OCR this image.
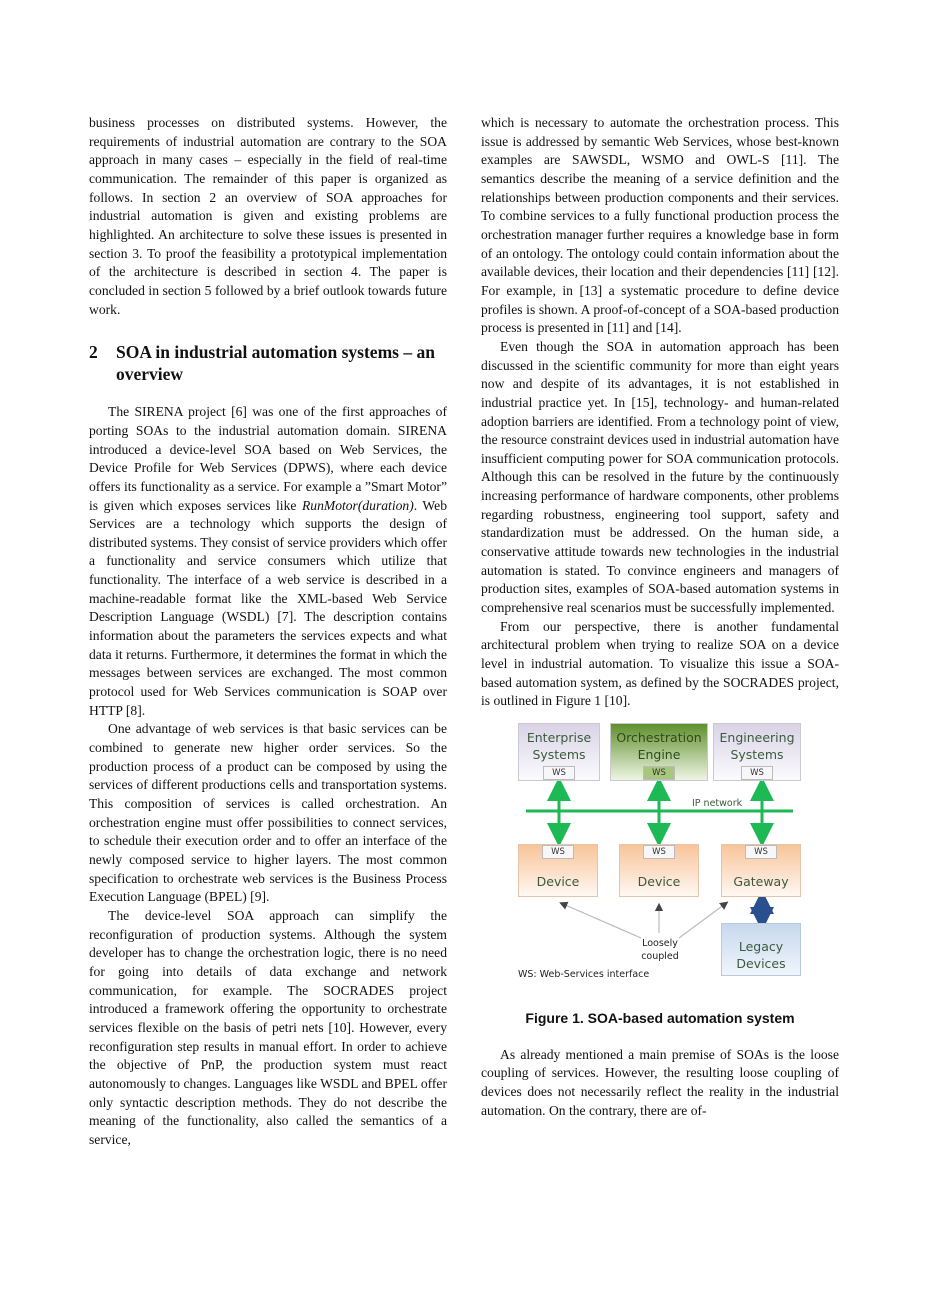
business processes on distributed systems. However, the requirements of industrial automation are contrary to the SOA approach in many cases – especially in the field of real-time communication. The remainder of this paper is organized as follows. In section 2 an overview of SOA approaches for industrial automation is given and existing problems are highlighted. An architecture to solve these issues is presented in section 3. To proof the feasibility a prototypical implementation of the architecture is described in section 4. The paper is concluded in section 5 followed by a brief outlook towards future work.

2	SOA in industrial automation systems – an overview

The SIRENA project [6] was one of the first approaches of porting SOAs to the industrial automation domain. SIRENA introduced a device-level SOA based on Web Services, the Device Profile for Web Services (DPWS), where each device offers its functionality as a service. For example a ”Smart Motor” is given which exposes services like RunMotor(duration). Web Services are a technology which supports the design of distributed systems. They consist of service providers which offer a functionality and service consumers which utilize that functionality. The interface of a web service is described in a machine-readable format like the XML-based Web Service Description Language (WSDL) [7]. The description contains information about the parameters the services expects and what data it returns. Furthermore, it determines the format in which the messages between services are exchanged. The most common protocol used for Web Services communication is SOAP over HTTP [8].

One advantage of web services is that basic services can be combined to generate new higher order services. So the production process of a product can be composed by using the services of different productions cells and transportation systems. This composition of services is called orchestration. An orchestration engine must offer possibilities to connect services, to schedule their execution order and to offer an interface of the newly composed service to higher layers. The most common specification to orchestrate web services is the Business Process Execution Language (BPEL) [9].

The device-level SOA approach can simplify the reconfiguration of production systems. Although the system developer has to change the orchestration logic, there is no need for going into details of data exchange and network communication, for example. The SOCRADES project introduced a framework offering the opportunity to orchestrate services flexible on the basis of petri nets [10]. However, every reconfiguration step results in manual effort. In order to achieve the objective of PnP, the production system must react autonomously to changes. Languages like WSDL and BPEL offer only syntactic description methods. They do not describe the meaning of the functionality, also called the semantics of a service,

which is necessary to automate the orchestration process. This issue is addressed by semantic Web Services, whose best-known examples are SAWSDL, WSMO and OWL-S [11]. The semantics describe the meaning of a service definition and the relationships between production components and their services. To combine services to a fully functional production process the orchestration manager further requires a knowledge base in form of an ontology. The ontology could contain information about the available devices, their location and their dependencies [11] [12]. For example, in [13] a systematic procedure to define device profiles is shown. A proof-of-concept of a SOA-based production process is presented in [11] and [14].

Even though the SOA in automation approach has been discussed in the scientific community for more than eight years now and despite of its advantages, it is not established in industrial practice yet. In [15], technology- and human-related adoption barriers are identified. From a technology point of view, the resource constraint devices used in industrial automation have insufficient computing power for SOA communication protocols. Although this can be resolved in the future by the continuously increasing performance of hardware components, other problems regarding robustness, engineering tool support, safety and standardization must be addressed. On the human side, a conservative attitude towards new technologies in the industrial automation is stated. To convince engineers and managers of production sites, examples of SOA-based automation systems in comprehensive real scenarios must be successfully implemented.

From our perspective, there is another fundamental architectural problem when trying to realize SOA on a device level in industrial automation. To visualize this issue a SOA-based automation system, as defined by the SOCRADES project, is outlined in Figure 1 [10].

Enterprise Systems
WS
Orchestration Engine
WS
Engineering Systems
WS
IP network
WS
Device
WS
Device
WS
Gateway
Legacy Devices
Loosely coupled
WS: Web-Services interface
Figure 1. SOA-based automation system

As already mentioned a main premise of SOAs is the loose coupling of services. However, the resulting loose coupling of devices does not necessarily reflect the reality in the industrial automation. On the contrary, there are of-
